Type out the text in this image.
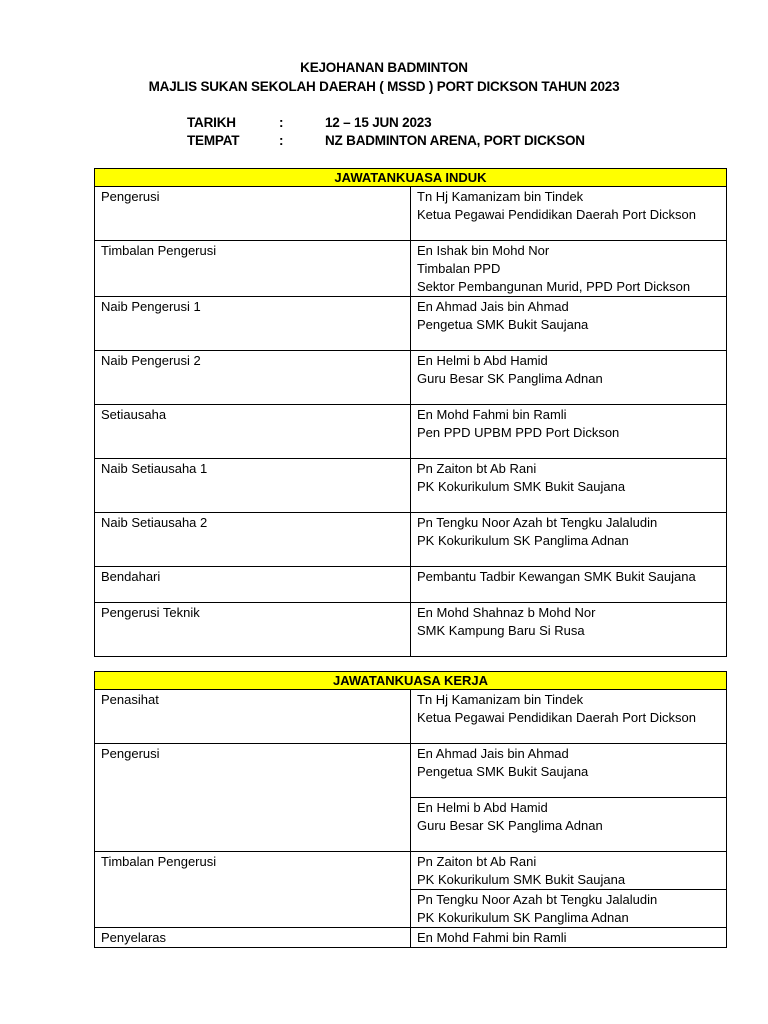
KEJOHANAN BADMINTON
MAJLIS SUKAN SEKOLAH DAERAH ( MSSD ) PORT DICKSON TAHUN 2023
TARIKH	:	12 – 15 JUN 2023
TEMPAT	:	NZ BADMINTON ARENA, PORT DICKSON
JAWATANKUASA INDUK	
Pengerusi	Tn Hj Kamanizam bin Tindek
Ketua Pegawai Pendidikan Daerah Port Dickson

Timbalan Pengerusi	En Ishak bin Mohd Nor
Timbalan PPD
Sektor Pembangunan Murid, PPD Port Dickson

Naib Pengerusi 1	En Ahmad Jais bin Ahmad
Pengetua SMK Bukit Saujana

Naib Pengerusi 2	En Helmi b Abd Hamid
Guru Besar SK Panglima Adnan

Setiausaha	En Mohd Fahmi bin Ramli
Pen PPD UPBM PPD Port Dickson

Naib Setiausaha 1	Pn Zaiton bt Ab Rani
PK Kokurikulum SMK Bukit Saujana

Naib Setiausaha 2	Pn Tengku Noor Azah bt Tengku Jalaludin
PK Kokurikulum SK Panglima Adnan

Bendahari	Pembantu Tadbir Kewangan SMK Bukit Saujana

Pengerusi Teknik	En Mohd Shahnaz b Mohd Nor
SMK Kampung Baru Si Rusa
JAWATANKUASA KERJA	
Penasihat	Tn Hj Kamanizam bin Tindek
Ketua Pegawai Pendidikan Daerah Port Dickson

Pengerusi	En Ahmad Jais bin Ahmad
Pengetua SMK Bukit Saujana

	En Helmi b Abd Hamid
Guru Besar SK Panglima Adnan

Timbalan Pengerusi	Pn Zaiton bt Ab Rani
PK Kokurikulum SMK Bukit Saujana

	Pn Tengku Noor Azah bt Tengku Jalaludin
PK Kokurikulum SK Panglima Adnan

Penyelaras	En Mohd Fahmi bin Ramli
